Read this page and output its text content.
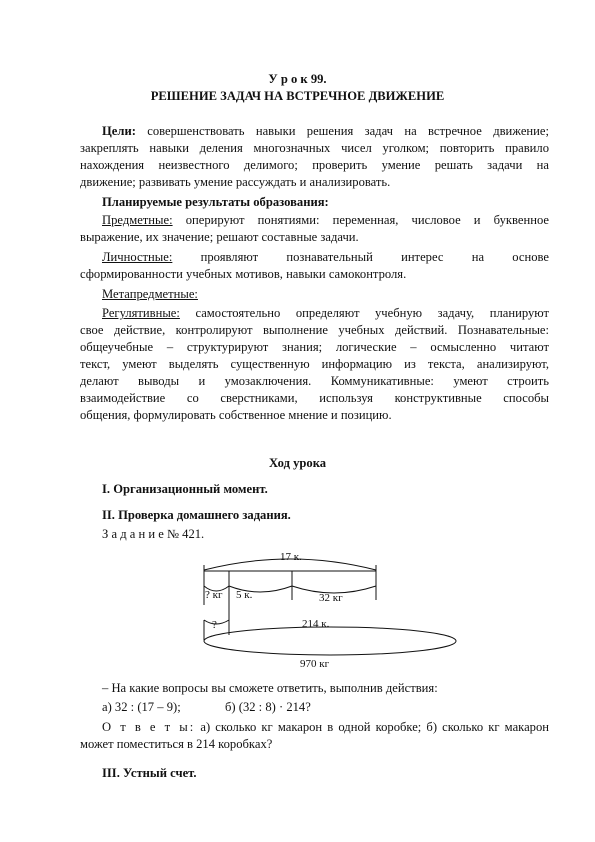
У р о к 99.
РЕШЕНИЕ ЗАДАЧ НА ВСТРЕЧНОЕ ДВИЖЕНИЕ
Цели: совершенствовать навыки решения задач на встречное движение;
закреплять навыки деления многозначных чисел уголком; повторить правило
нахождения неизвестного делимого; проверить умение решать задачи на
движение; развивать умение рассуждать и анализировать.
Планируемые результаты образования:
Предметные: оперируют понятиями: переменная, числовое и буквенное
выражение, их значение; решают составные задачи.
Личностные: проявляют познавательный интерес на основе
сформированности учебных мотивов, навыки самоконтроля.
Метапредметные:
Регулятивные: самостоятельно определяют учебную задачу, планируют
свое действие, контролируют выполнение учебных действий. Познавательные:
общеучебные – структурируют знания; логические – осмысленно читают
текст, умеют выделять существенную информацию из текста, анализируют,
делают выводы и умозаключения. Коммуникативные: умеют строить
взаимодействие со сверстниками, используя конструктивные способы
общения, формулировать собственное мнение и позицию.
Ход урока
I. Организационный момент.
II. Проверка домашнего задания.
З а д а н и е № 421.
17 к.
? кг 5 к.	32 кг
?	214 к.
970 кг
– На какие вопросы вы сможете ответить, выполнив действия:
а) 32 : (17 – 9);	б) (32 : 8) · 214?
О т в е т ы: а) сколько кг макарон в одной коробке; б) сколько кг макарон
может поместиться в 214 коробках?
III. Устный счет.
